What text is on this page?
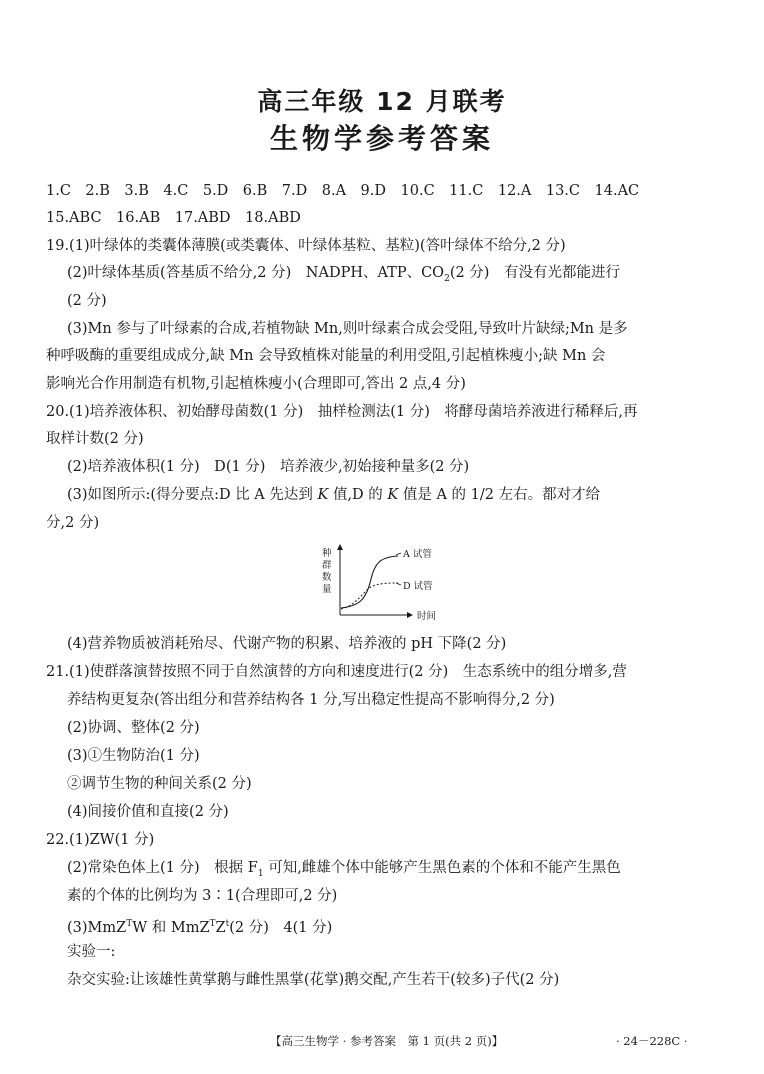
高三年级 12 月联考
生物学参考答案
1.C　2.B　3.B　4.C　5.D　6.B　7.D　8.A　9.D　10.C　11.C　12.A　13.C　14.AC
15.ABC　16.AB　17.ABD　18.ABD
19.(1)叶绿体的类囊体薄膜(或类囊体、叶绿体基粒、基粒)(答叶绿体不给分,2 分)
(2)叶绿体基质(答基质不给分,2 分)　NADPH、ATP、$CO_2(2$ 分)　有没有光都能进行
(2 分)
(3)Mn 参与了叶绿素的合成,若植物缺 Mn,则叶绿素合成会受阻,导致叶片缺绿;Mn 是多
种呼吸酶的重要组成成分,缺 Mn 会导致植株对能量的利用受阻,引起植株瘦小;缺 Mn 会
影响光合作用制造有机物,引起植株瘦小(合理即可,答出 2 点,4 分)
20.(1)培养液体积、初始酵母菌数(1 分)　抽样检测法(1 分)　将酵母菌培养液进行稀释后,再
取样计数(2 分)
(2)培养液体积(1 分)　D(1 分)　培养液少,初始接种量多(2 分)
(3)如图所示:(得分要点:D 比 A 先达到 K 值,D 的 K 值是 A 的 1/2 左右。都对才给
分,2 分)
种
群
数
量
A 试管
D 试管
时间
(4)营养物质被消耗殆尽、代谢产物的积累、培养液的 pH 下降(2 分)
21.(1)使群落演替按照不同于自然演替的方向和速度进行(2 分)　生态系统中的组分增多,营
养结构更复杂(答出组分和营养结构各 1 分,写出稳定性提高不影响得分,2 分)
(2)协调、整体(2 分)
(3)①生物防治(1 分)
②调节生物的种间关系(2 分)
(4)间接价值和直接(2 分)
22.(1)ZW(1 分)
(2)常染色体上(1 分)　根据 $F_1$ 可知,雌雄个体中能够产生黑色素的个体和不能产生黑色
素的个体的比例均为 3∶1(合理即可,2 分)
(3)MmZ$^T$W 和 $MmZ^TZ^t(2$ 分)　4(1 分)
实验一:
杂交实验:让该雄性黄掌鹅与雌性黑掌(花掌)鹅交配,产生若干(较多)子代(2 分)
【高三生物学 · 参考答案　第 1 页(共 2 页)】	· 24－228C ·
